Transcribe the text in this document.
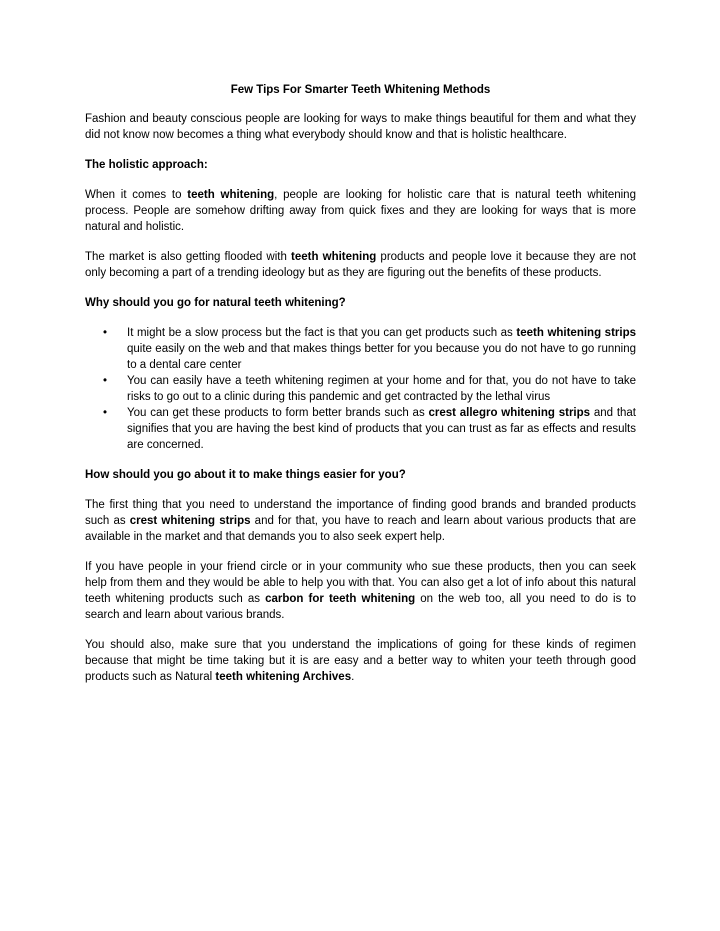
Few Tips For Smarter Teeth Whitening Methods

Fashion and beauty conscious people are looking for ways to make things beautiful for them and what they did not know now becomes a thing what everybody should know and that is holistic healthcare.

The holistic approach:

When it comes to teeth whitening, people are looking for holistic care that is natural teeth whitening process. People are somehow drifting away from quick fixes and they are looking for ways that is more natural and holistic.

The market is also getting flooded with teeth whitening products and people love it because they are not only becoming a part of a trending ideology but as they are figuring out the benefits of these products.

Why should you go for natural teeth whitening?
• It might be a slow process but the fact is that you can get products such as teeth whitening strips quite easily on the web and that makes things better for you because you do not have to go running to a dental care center
• You can easily have a teeth whitening regimen at your home and for that, you do not have to take risks to go out to a clinic during this pandemic and get contracted by the lethal virus
• You can get these products to form better brands such as crest allegro whitening strips and that signifies that you are having the best kind of products that you can trust as far as effects and results are concerned.
How should you go about it to make things easier for you?

The first thing that you need to understand the importance of finding good brands and branded products such as crest whitening strips and for that, you have to reach and learn about various products that are available in the market and that demands you to also seek expert help.

If you have people in your friend circle or in your community who sue these products, then you can seek help from them and they would be able to help you with that. You can also get a lot of info about this natural teeth whitening products such as carbon for teeth whitening on the web too, all you need to do is to search and learn about various brands.

You should also, make sure that you understand the implications of going for these kinds of regimen because that might be time taking but it is are easy and a better way to whiten your teeth through good products such as Natural teeth whitening Archives.
